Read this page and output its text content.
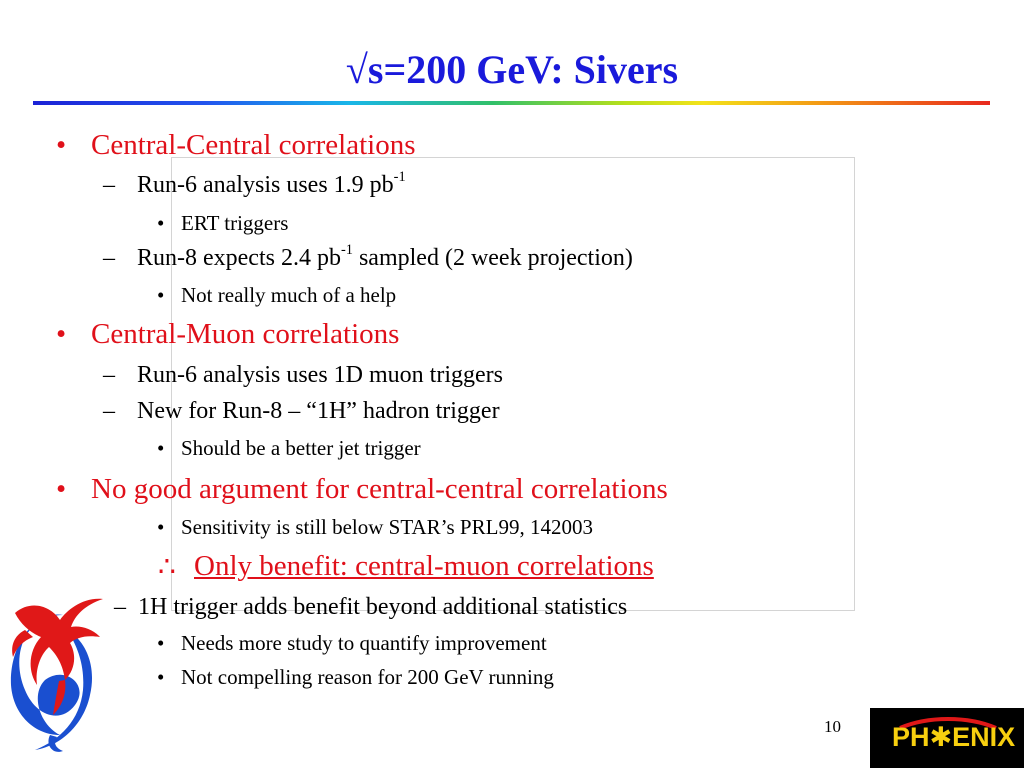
√s=200 GeV: Sivers
• Central-Central correlations
– Run-6 analysis uses 1.9 $pb^{-1}$
• ERT triggers
– Run-8 expects 2.4 $pb^{-1}$ sampled (2 week projection)
• Not really much of a help
• Central-Muon correlations
– Run-6 analysis uses 1D muon triggers
– New for Run-8 – “1H” hadron trigger
• Should be a better jet trigger
• No good argument for central-central correlations
• Sensitivity is still below STAR’s PRL99, 142003
∴ Only benefit: central-muon correlations
– 1H trigger adds benefit beyond additional statistics
• Needs more study to quantify improvement
• Not compelling reason for 200 GeV running
10 PH✱ENIX
